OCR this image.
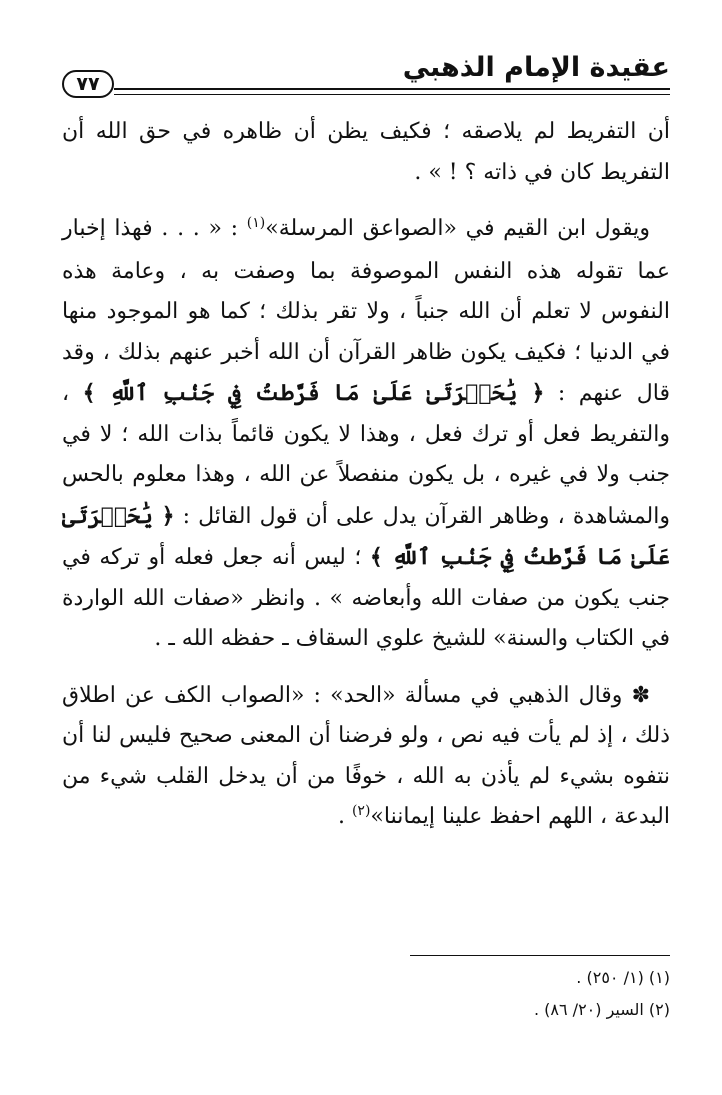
عقيدة الإمام الذهبي
٧٧

أن التفريط لم يلاصقه ؛ فكيف يظن أن ظاهره في حق الله أن التفريط كان في ذاته ؟ ! » .

ويقول ابن القيم في «الصواعق المرسلة»$^{(١)}$ : « . . . فهذا إخبار عما تقوله هذه النفس الموصوفة بما وصفت به ، وعامة هذه النفوس لا تعلم أن الله جنباً ، ولا تقر بذلك ؛ كما هو الموجود منها في الدنيا ؛ فكيف يكون ظاهر القرآن أن الله أخبر عنهم بذلك ، وقد قال عنهم : ﴿ يَٰحَسۡرَتَىٰ عَلَىٰ مَا فَرَّطتُ فِي جَنۢبِ ٱللَّهِ ﴾ ، والتفريط فعل أو ترك فعل ، وهذا لا يكون قائماً بذات الله ؛ لا في جنب ولا في غيره ، بل يكون منفصلاً عن الله ، وهذا معلوم بالحس والمشاهدة ، وظاهر القرآن يدل على أن قول القائل : ﴿ يَٰحَسۡرَتَىٰ عَلَىٰ مَا فَرَّطتُ فِي جَنۢبِ ٱللَّهِ ﴾ ؛ ليس أنه جعل فعله أو تركه في جنب يكون من صفات الله وأبعاضه » . وانظر «صفات الله الواردة في الكتاب والسنة» للشيخ علوي السقاف ـ حفظه الله ـ .

✽ وقال الذهبي في مسألة «الحد» : «الصواب الكف عن اطلاق ذلك ، إذ لم يأت فيه نص ، ولو فرضنا أن المعنى صحيح فليس لنا أن نتفوه بشيء لم يأذن به الله ، خوفًا من أن يدخل القلب شيء من البدعة ، اللهم احفظ علينا إيماننا»$^{(٢)}$ .

(١) (١/ ٢٥٠) .

(٢) السير (٢٠/ ٨٦) .
